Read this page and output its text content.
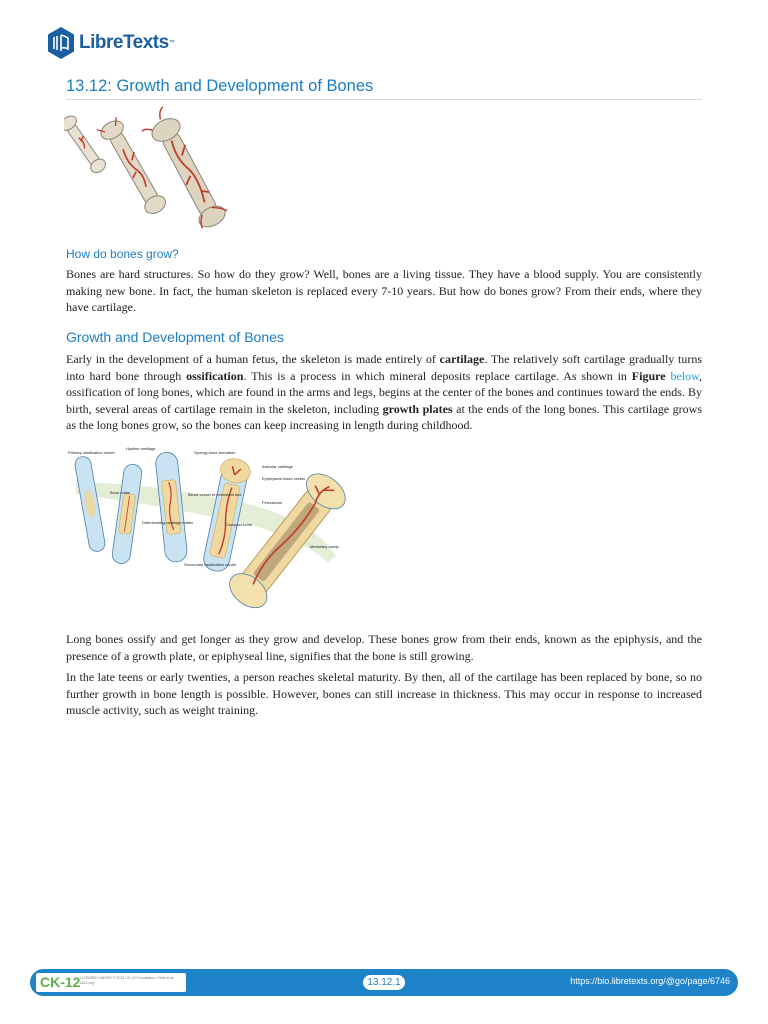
LibreTexts ™
13.12: Growth and Development of Bones
How do bones grow?

Bones are hard structures. So how do they grow? Well, bones are a living tissue. They have a blood supply. You are consistently making new bone. In fact, the human skeleton is replaced every 7-10 years. But how do bones grow? From their ends, where they have cartilage.

Growth and Development of Bones

Early in the development of a human fetus, the skeleton is made entirely of cartilage. The relatively soft cartilage gradually turns into hard bone through ossification. This is a process in which mineral deposits replace cartilage. As shown in Figure below, ossification of long bones, which are found in the arms and legs, begins at the center of the bones and continues toward the ends. By birth, several areas of cartilage remain in the skeleton, including growth plates at the ends of the long bones. This cartilage grows as the long bones grow, so the bones can keep increasing in length during childhood.

Primary ossification center
Hyaline cartilage
Spongy bone formation
Articular cartilage
Epiphyseal blood vessel
Bone collar	Blood vessel of periosteal bud
Periosteum
Deteriorating cartilage matrix	Compact bone
Medullary cavity
Secondary ossification center

Long bones ossify and get longer as they grow and develop. These bones grow from their ends, known as the epiphysis, and the presence of a growth plate, or epiphyseal line, signifies that the bone is still growing.

In the late teens or early twenties, a person reaches skeletal maturity. By then, all of the cartilage has been replaced by bone, so no further growth in bone length is possible. However, bones can still increase in thickness. This may occur in response to increased muscle activity, such as weight training.

CK-12 LICENSED UNDER © 2013 CK-12 Foundation • Visit us at ck12.org	13.12.1	https://bio.libretexts.org/@go/page/6746
